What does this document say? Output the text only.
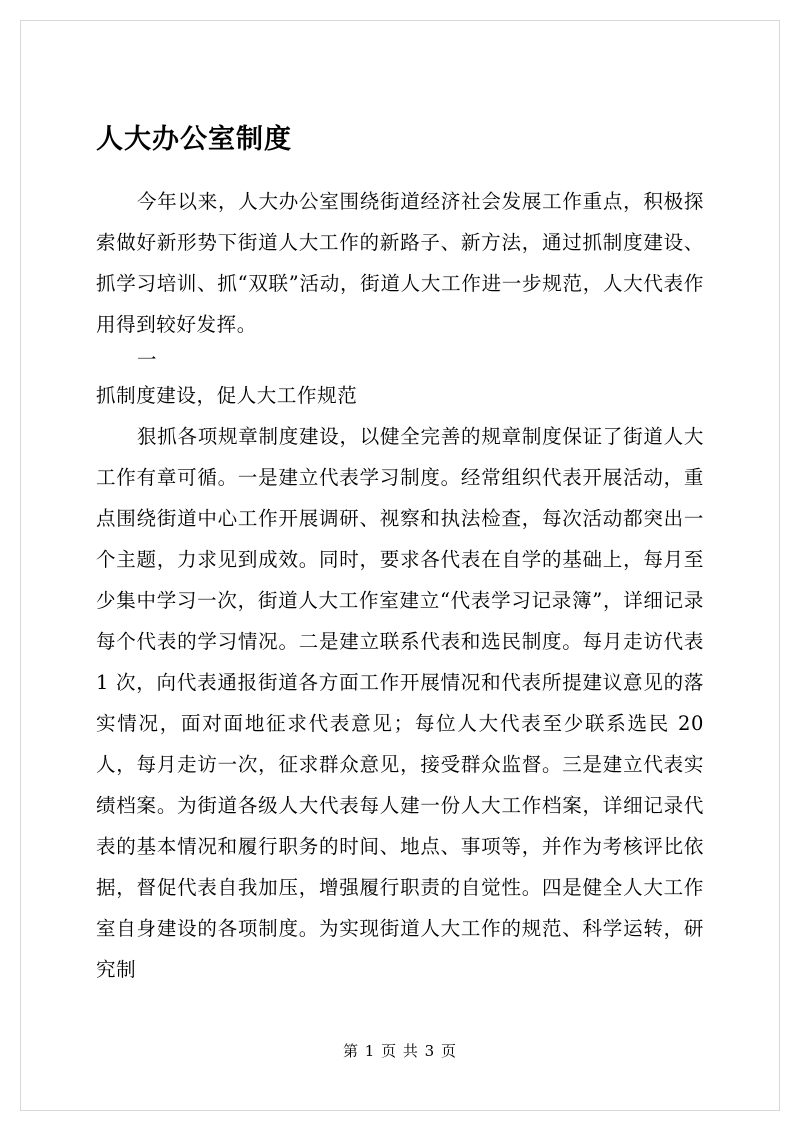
人大办公室制度

今年以来，人大办公室围绕街道经济社会发展工作重点，积极探索做好新形势下街道人大工作的新路子、新方法，通过抓制度建设、抓学习培训、抓“双联”活动，街道人大工作进一步规范，人大代表作用得到较好发挥。

一

抓制度建设，促人大工作规范

狠抓各项规章制度建设，以健全完善的规章制度保证了街道人大工作有章可循。一是建立代表学习制度。经常组织代表开展活动，重点围绕街道中心工作开展调研、视察和执法检查，每次活动都突出一个主题，力求见到成效。同时，要求各代表在自学的基础上，每月至少集中学习一次，街道人大工作室建立“代表学习记录簿”，详细记录每个代表的学习情况。二是建立联系代表和选民制度。每月走访代表 1 次，向代表通报街道各方面工作开展情况和代表所提建议意见的落实情况，面对面地征求代表意见；每位人大代表至少联系选民 20 人，每月走访一次，征求群众意见，接受群众监督。三是建立代表实绩档案。为街道各级人大代表每人建一份人大工作档案，详细记录代表的基本情况和履行职务的时间、地点、事项等，并作为考核评比依据，督促代表自我加压，增强履行职责的自觉性。四是健全人大工作室自身建设的各项制度。为实现街道人大工作的规范、科学运转，研究制

第 1 页 共 3 页
